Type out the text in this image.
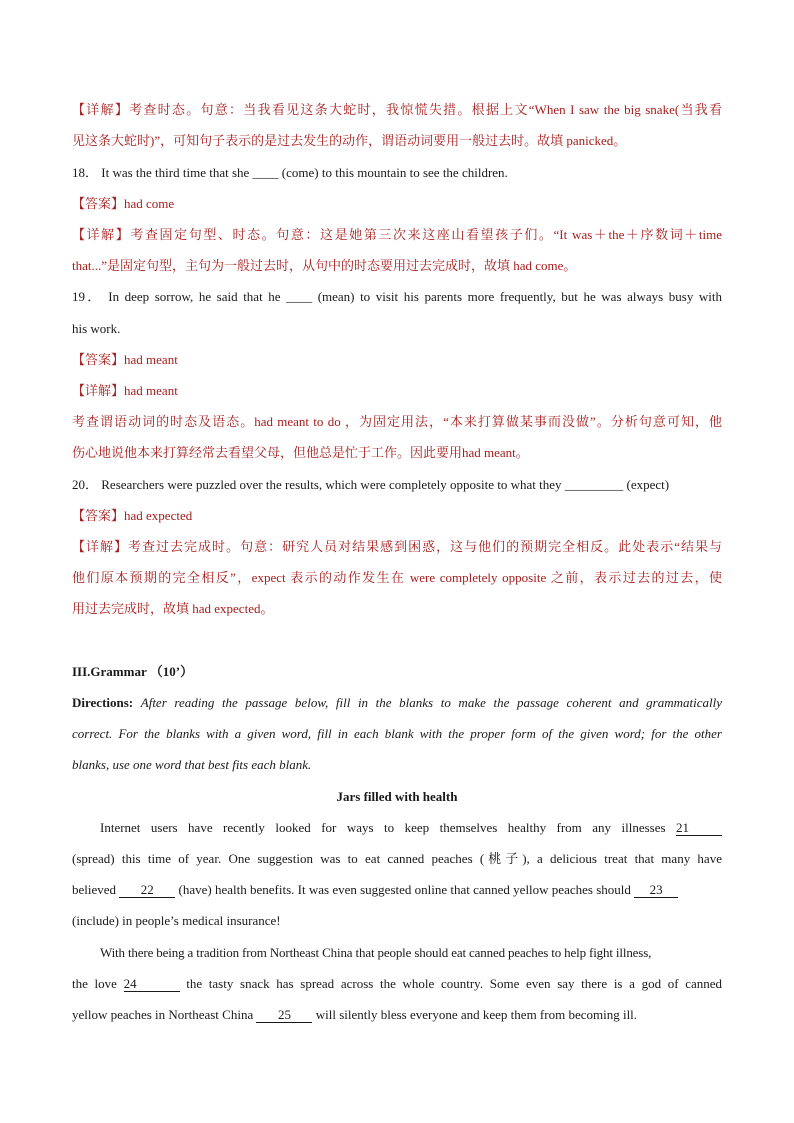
【详解】考查时态。句意：当我看见这条大蛇时，我惊慌失措。根据上文“When I saw the big snake(当我看
见这条大蛇时)”，可知句子表示的是过去发生的动作，谓语动词要用一般过去时。故填 panicked。
18． It was the third time that she ____ (come) to this mountain to see the children.
【答案】had come
【详解】考查固定句型、时态。句意：这是她第三次来这座山看望孩子们。“It was＋the＋序数词＋time
that...”是固定句型，主句为一般过去时，从句中的时态要用过去完成时，故填 had come。
19． In deep sorrow, he said that he ____ (mean) to visit his parents more frequently, but he was always busy with
his work.
【答案】had meant
【详解】had meant
考查谓语动词的时态及语态。had meant to do ，为固定用法，“本来打算做某事而没做”。分析句意可知，他
伤心地说他本来打算经常去看望父母，但他总是忙于工作。因此要用had meant。
20． Researchers were puzzled over the results, which were completely opposite to what they _________ (expect)
【答案】had expected
【详解】考查过去完成时。句意：研究人员对结果感到困惑，这与他们的预期完全相反。此处表示“结果与
他们原本预期的完全相反”，expect 表示的动作发生在 were completely opposite 之前，表示过去的过去，使
用过去完成时，故填 had expected。
III.Grammar （10’）
Directions: After reading the passage below, fill in the blanks to make the passage coherent and grammatically
correct. For the blanks with a given word, fill in each blank with the proper form of the given word; for the other
blanks, use one word that best fits each blank.
Jars filled with health
Internet users have recently looked for ways to keep themselves healthy from any illnesses 21
(spread) this time of year. One suggestion was to eat canned peaches (桃子), a delicious treat that many have
believed 22 (have) health benefits. It was even suggested online that canned yellow peaches should 23
(include) in people’s medical insurance!
With there being a tradition from Northeast China that people should eat canned peaches to help fight illness,
the love 24	the tasty snack has spread across the whole country. Some even say there is a god of canned
yellow peaches in Northeast China 25 will silently bless everyone and keep them from becoming ill.
